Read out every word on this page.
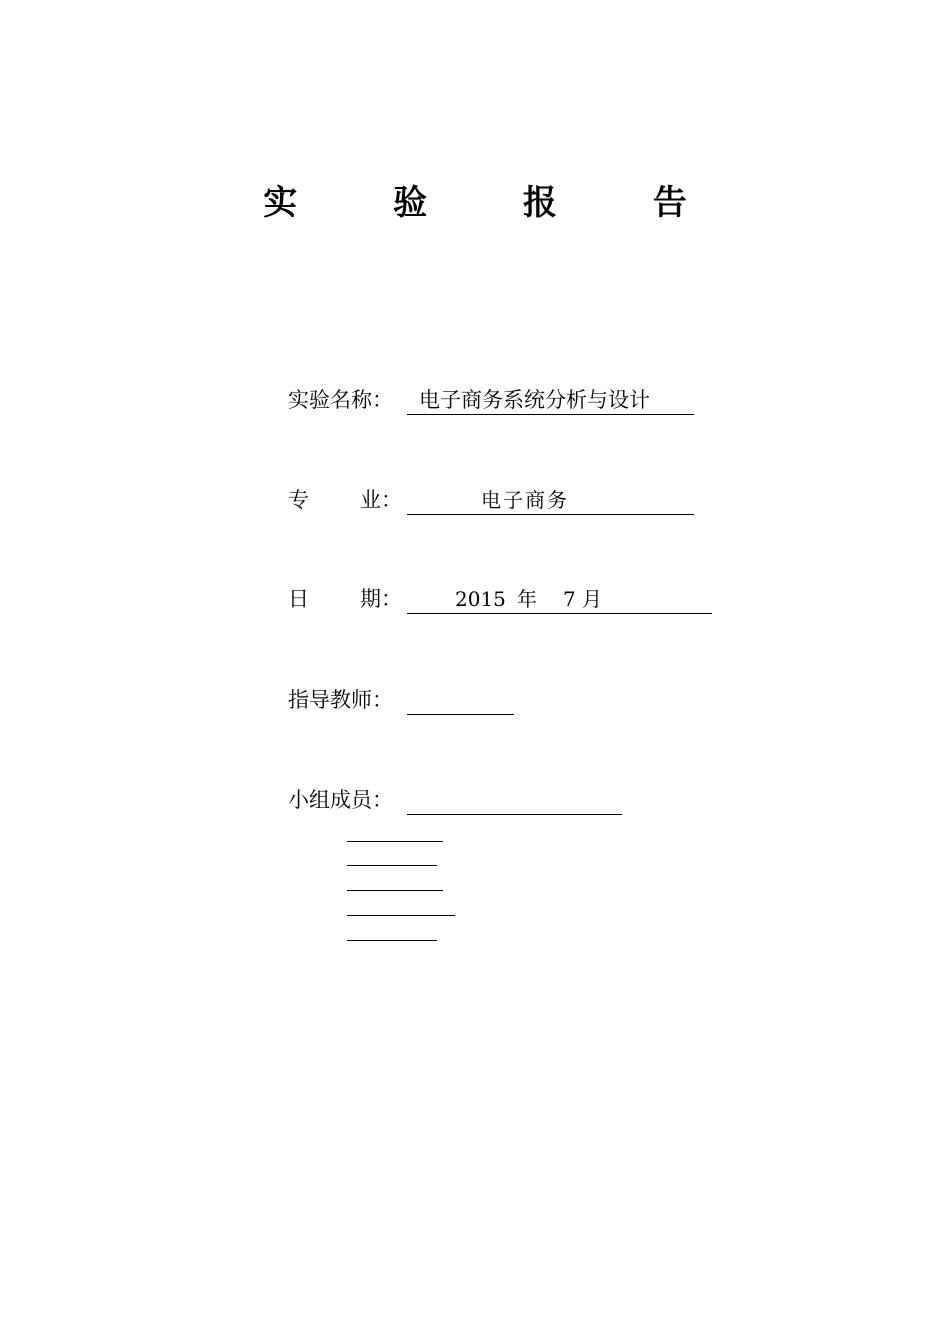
实 验 报 告
实验名称： 电子商务系统分析与设计
专 业：	电子商务
日 期：	2015 年 7 月
指导教师：
小组成员：
